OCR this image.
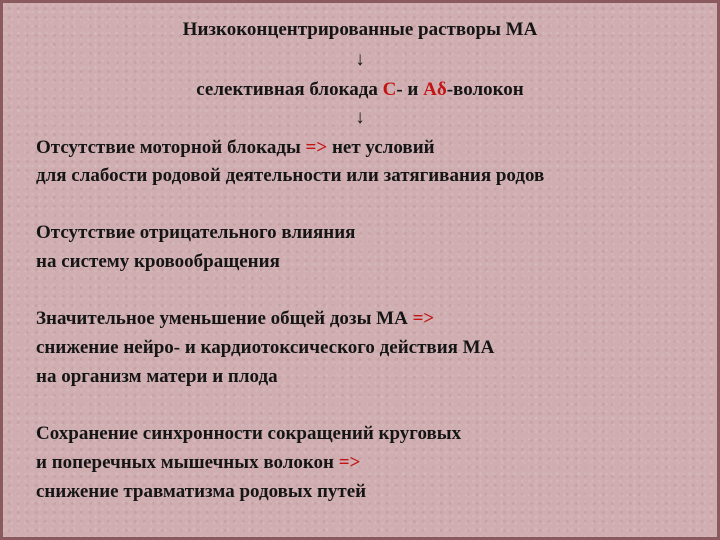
Низкоконцентрированные растворы МА

↓

селективная блокада С- и Aδ-волокон

↓

Отсутствие моторной блокады => нет условий

для слабости родовой деятельности или затягивания родов

Отсутствие отрицательного влияния

на систему кровообращения

Значительное уменьшение общей дозы МА =>

снижение нейро- и кардиотоксического действия МА

на организм матери и плода

Сохранение синхронности сокращений круговых

и поперечных мышечных волокон =>

снижение травматизма родовых путей
